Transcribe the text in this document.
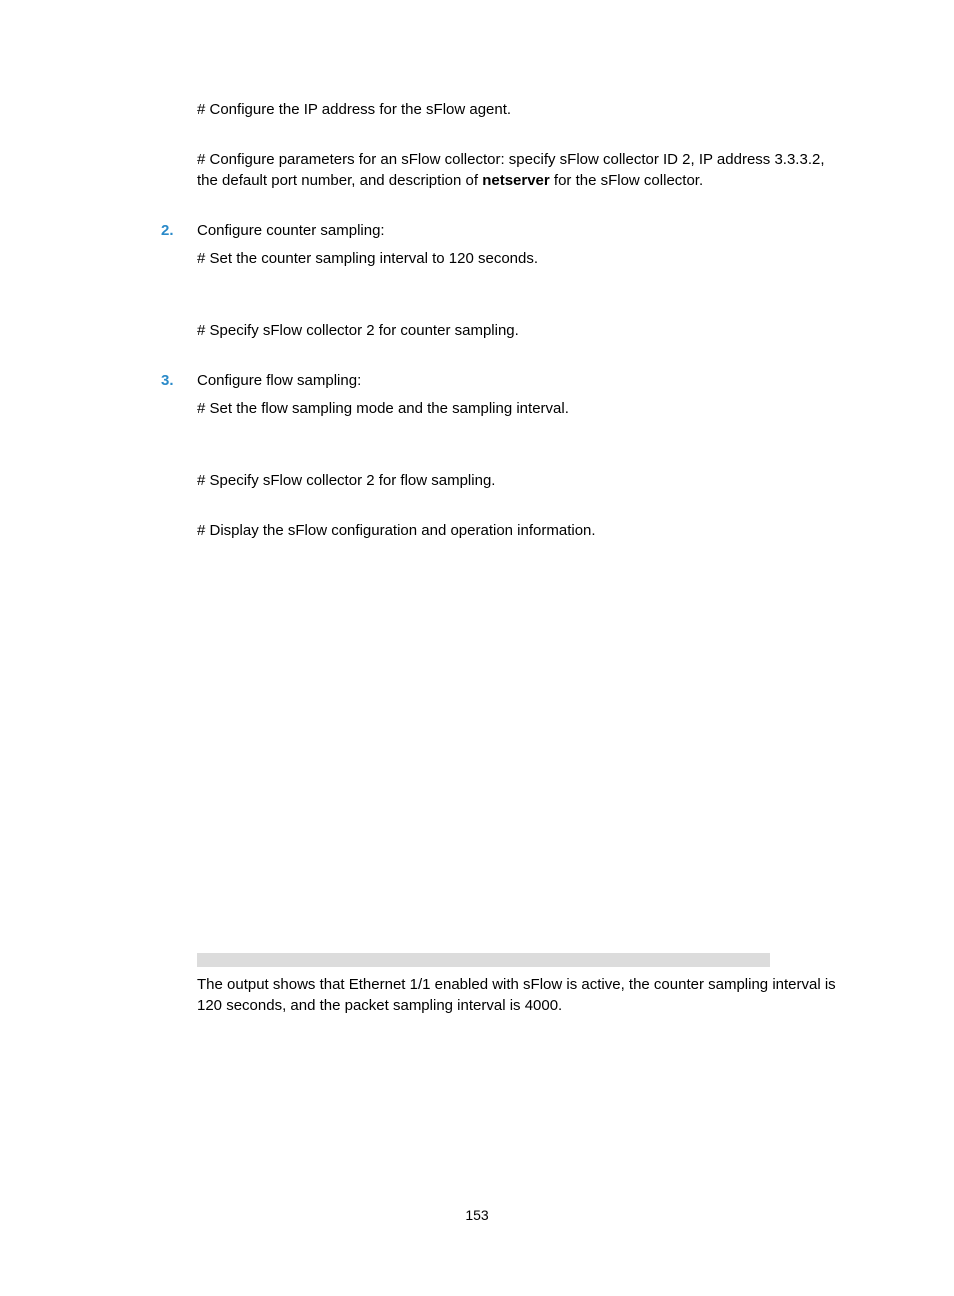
# Configure the IP address for the sFlow agent.
# Configure parameters for an sFlow collector: specify sFlow collector ID 2, IP address 3.3.3.2,
the default port number, and description of netserver for the sFlow collector.
2. Configure counter sampling:
# Set the counter sampling interval to 120 seconds.
# Specify sFlow collector 2 for counter sampling.
3. Configure flow sampling:
# Set the flow sampling mode and the sampling interval.
# Specify sFlow collector 2 for flow sampling.
# Display the sFlow configuration and operation information.
The output shows that Ethernet 1/1 enabled with sFlow is active, the counter sampling interval is
120 seconds, and the packet sampling interval is 4000.
153
